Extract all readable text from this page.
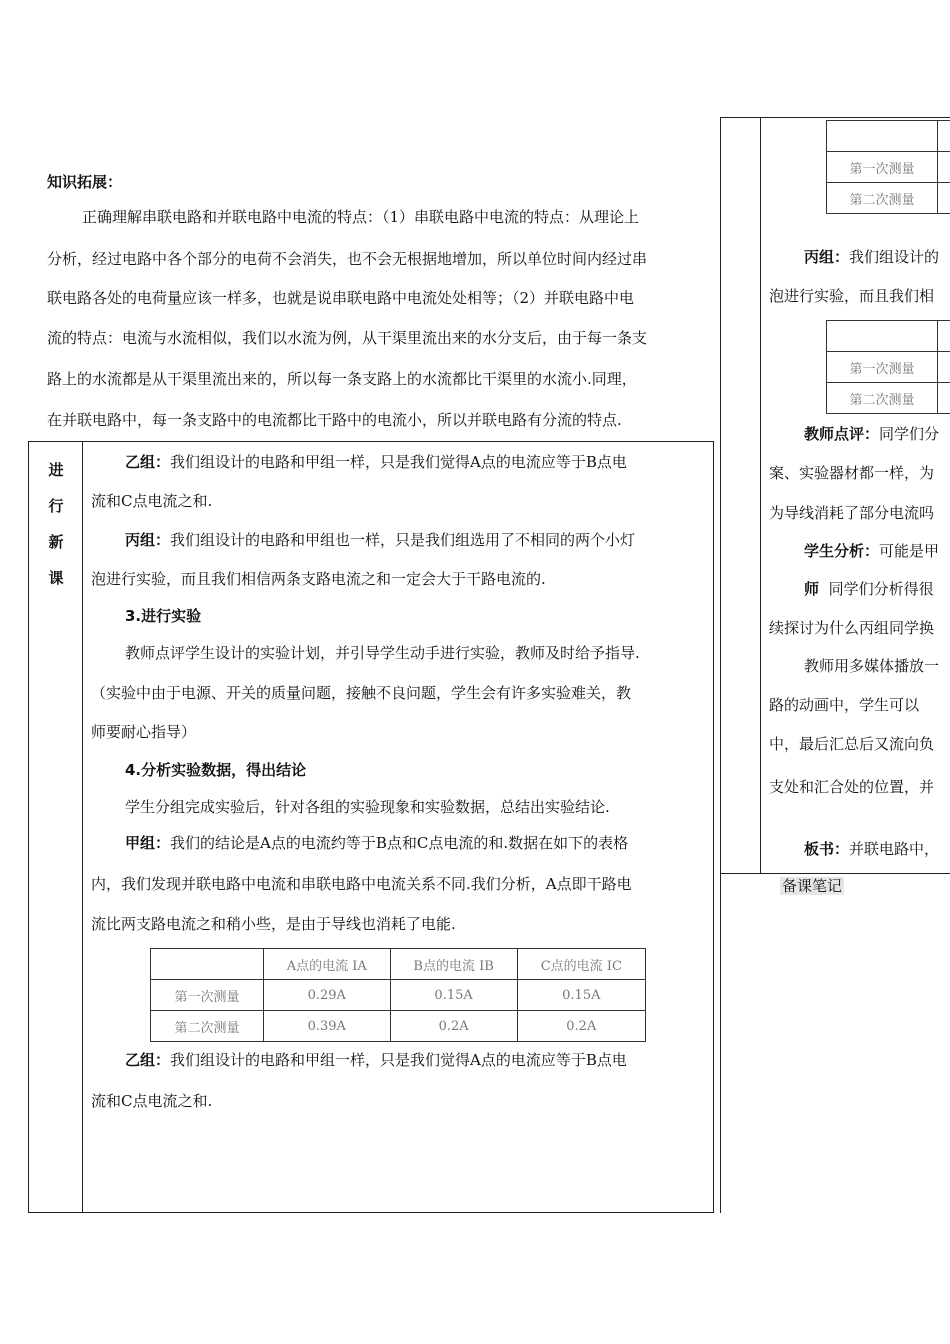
知识拓展：
正确理解串联电路和并联电路中电流的特点：（1）串联电路中电流的特点：从理论上
分析，经过电路中各个部分的电荷不会消失，也不会无根据地增加，所以单位时间内经过串
联电路各处的电荷量应该一样多，也就是说串联电路中电流处处相等；（2）并联电路中电
流的特点：电流与水流相似，我们以水流为例，从干渠里流出来的水分支后，由于每一条支
路上的水流都是从干渠里流出来的，所以每一条支路上的水流都比干渠里的水流小.同理，
在并联电路中，每一条支路中的电流都比干路中的电流小，所以并联电路有分流的特点.
进
行
新
课
乙组：我们组设计的电路和甲组一样，只是我们觉得A点的电流应等于B点电
流和C点电流之和.
丙组：我们组设计的电路和甲组也一样，只是我们组选用了不相同的两个小灯
泡进行实验，而且我们相信两条支路电流之和一定会大于干路电流的.
3.进行实验
教师点评学生设计的实验计划，并引导学生动手进行实验，教师及时给予指导.
（实验中由于电源、开关的质量问题，接触不良问题，学生会有许多实验难关，教
师要耐心指导）
4.分析实验数据，得出结论
学生分组完成实验后，针对各组的实验现象和实验数据，总结出实验结论.
甲组：我们的结论是A点的电流约等于B点和C点电流的和.数据在如下的表格
内，我们发现并联电路中电流和串联电路中电流关系不同.我们分析，A点即干路电
流比两支路电流之和稍小些，是由于导线也消耗了电能.
	A点的电流 IA	B点的电流 IB	C点的电流 IC
第一次测量	0.29A	0.15A	0.15A
第二次测量	0.39A	0.2A	0.2A
乙组：我们组设计的电路和甲组一样，只是我们觉得A点的电流应等于B点电
流和C点电流之和.

第一次测量	
第二次测量	
丙组：我们组设计的
泡进行实验，而且我们相

第一次测量	
第二次测量	
教师点评：同学们分
案、实验器材都一样，为
为导线消耗了部分电流吗
学生分析：可能是甲
师 同学们分析得很
续探讨为什么丙组同学换
教师用多媒体播放一
路的动画中，学生可以
中，最后汇总后又流向负
支处和汇合处的位置，并
板书：并联电路中，
备课笔记
